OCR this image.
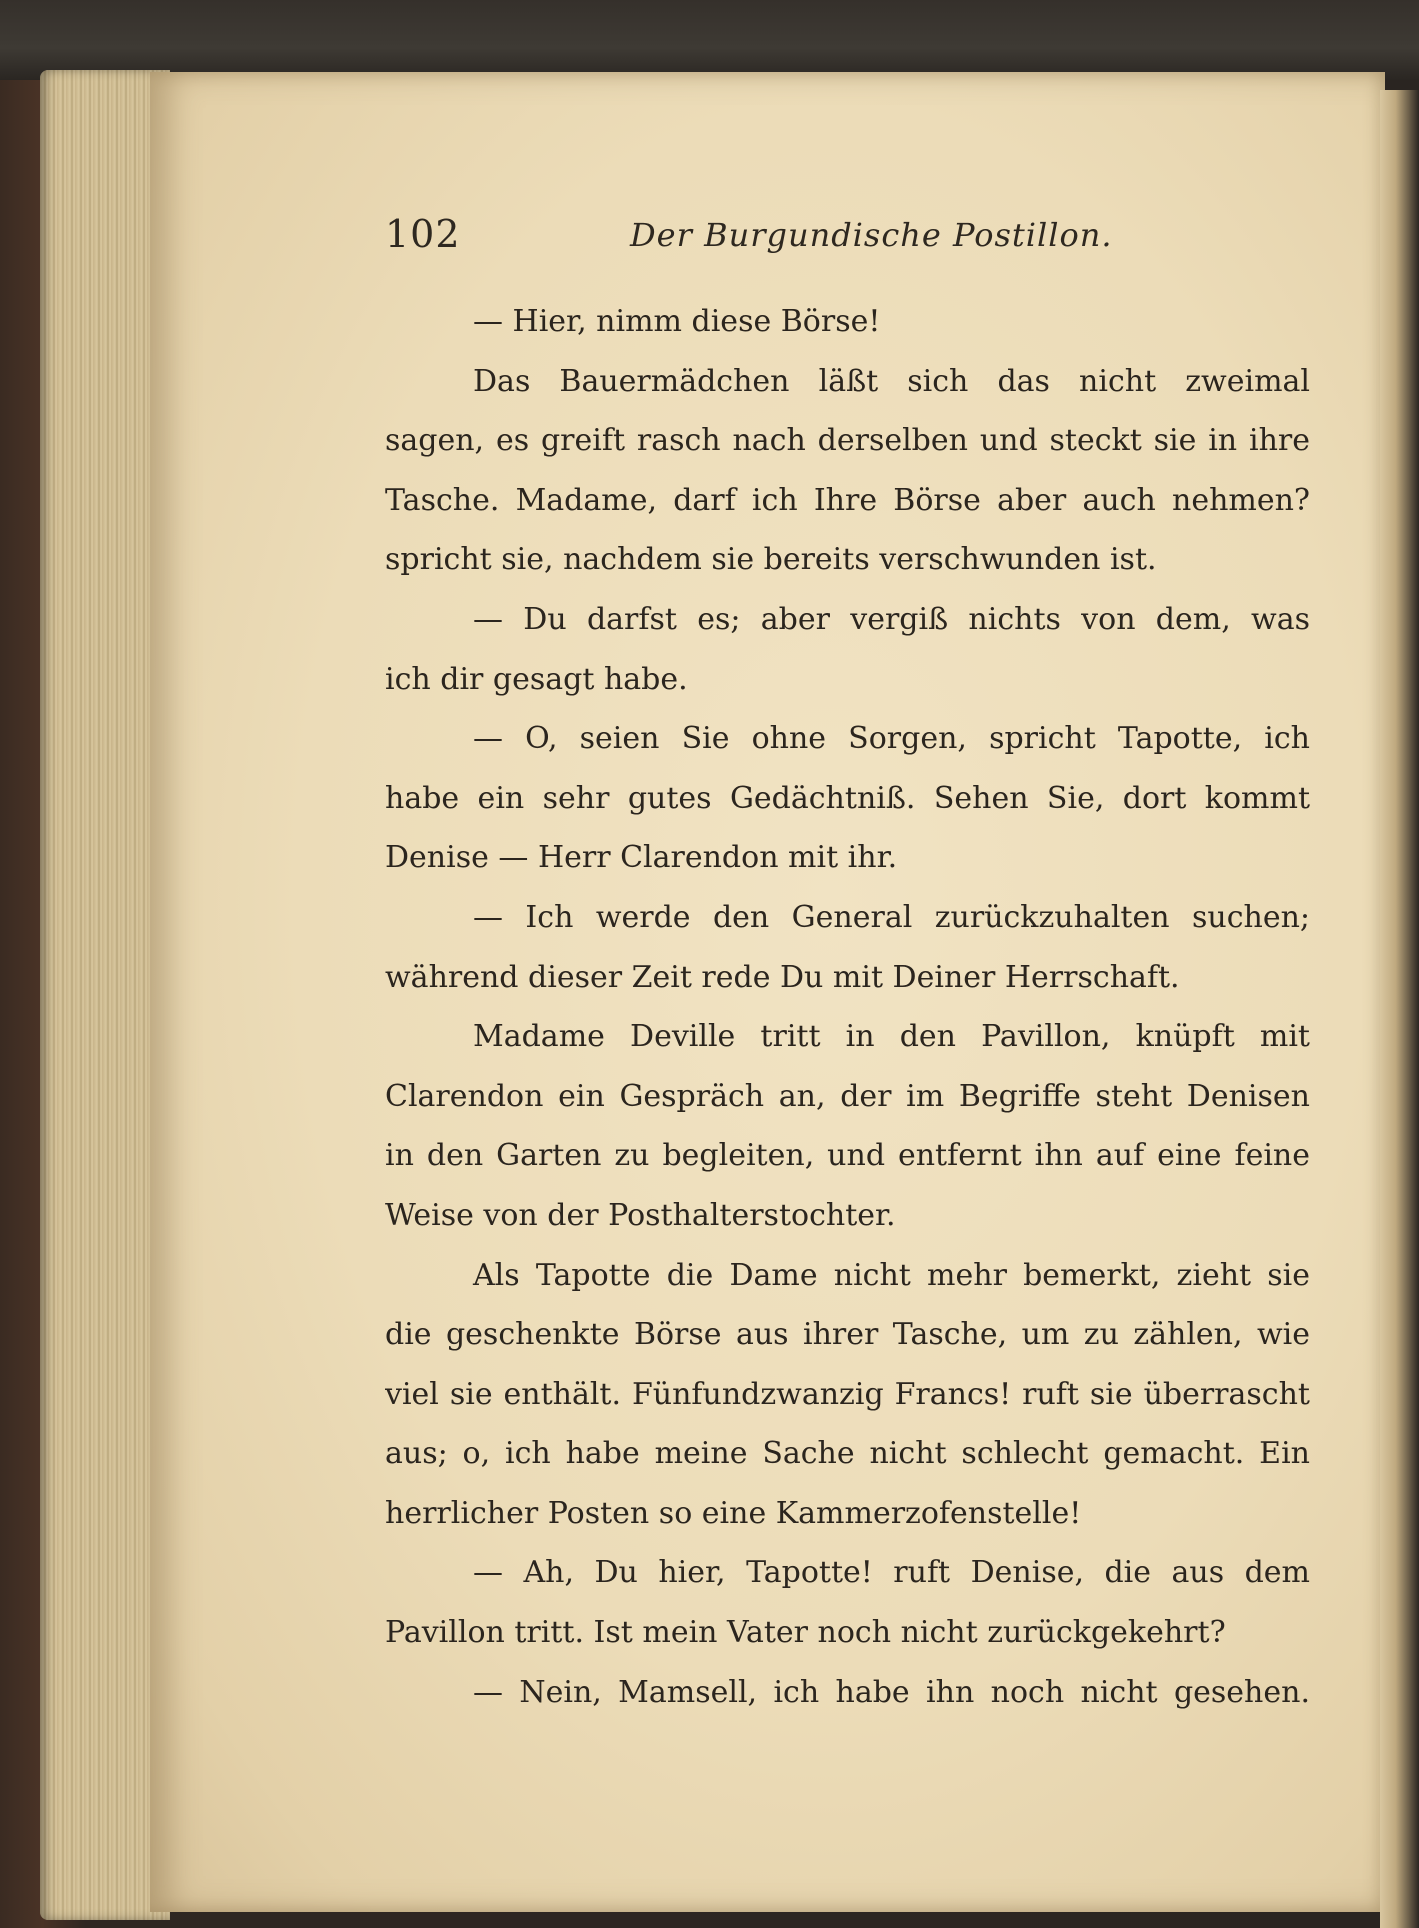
102	Der Burgundische Postillon.
— Hier, nimm diese Börse!
Das Bauermädchen läßt sich das nicht zweimal
sagen, es greift rasch nach derselben und steckt sie in ihre
Tasche. Madame, darf ich Ihre Börse aber auch nehmen?
spricht sie, nachdem sie bereits verschwunden ist.
— Du darfst es; aber vergiß nichts von dem, was
ich dir gesagt habe.
— O, seien Sie ohne Sorgen, spricht Tapotte, ich
habe ein sehr gutes Gedächtniß. Sehen Sie, dort kommt
Denise — Herr Clarendon mit ihr.
— Ich werde den General zurückzuhalten suchen;
während dieser Zeit rede Du mit Deiner Herrschaft.
Madame Deville tritt in den Pavillon, knüpft mit
Clarendon ein Gespräch an, der im Begriffe steht Denisen
in den Garten zu begleiten, und entfernt ihn auf eine feine
Weise von der Posthalterstochter.
Als Tapotte die Dame nicht mehr bemerkt, zieht sie
die geschenkte Börse aus ihrer Tasche, um zu zählen, wie
viel sie enthält. Fünfundzwanzig Francs! ruft sie überrascht
aus; o, ich habe meine Sache nicht schlecht gemacht. Ein
herrlicher Posten so eine Kammerzofenstelle!
— Ah, Du hier, Tapotte! ruft Denise, die aus dem
Pavillon tritt. Ist mein Vater noch nicht zurückgekehrt?
— Nein, Mamsell, ich habe ihn noch nicht gesehen.
